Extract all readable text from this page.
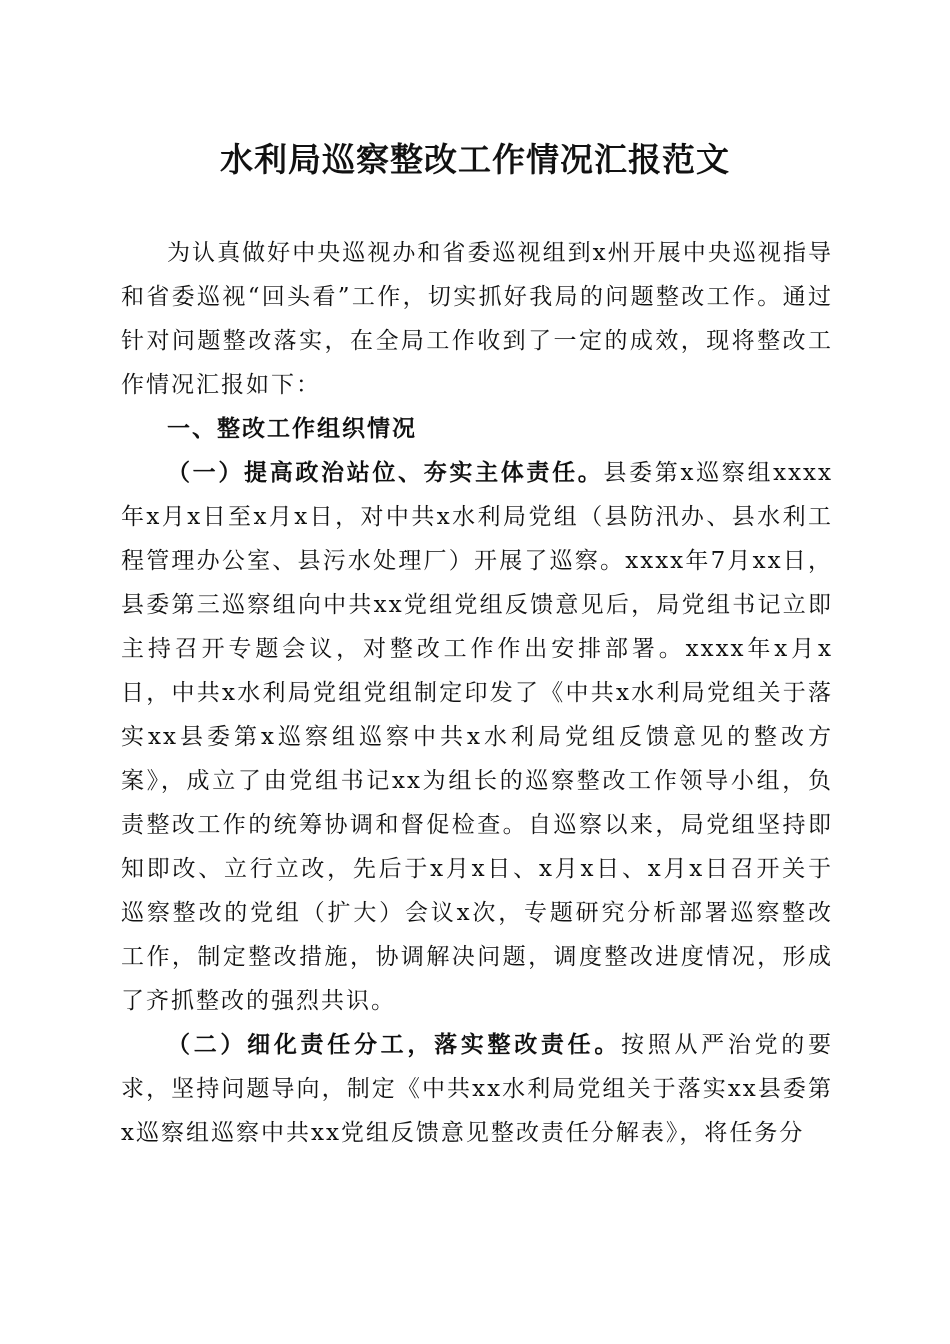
水利局巡察整改工作情况汇报范文

为认真做好中央巡视办和省委巡视组到x州开展中央巡视指导和省委巡视“回头看”工作，切实抓好我局的问题整改工作。通过针对问题整改落实，在全局工作收到了一定的成效，现将整改工作情况汇报如下：

一、整改工作组织情况

（一）提高政治站位、夯实主体责任。县委第x巡察组xxxx年x月x日至x月x日，对中共x水利局党组（县防汛办、县水利工程管理办公室、县污水处理厂）开展了巡察。xxxx年7月xx日，县委第三巡察组向中共xx党组党组反馈意见后，局党组书记立即主持召开专题会议，对整改工作作出安排部署。xxxx年x月x日，中共x水利局党组党组制定印发了《中共x水利局党组关于落实xx县委第x巡察组巡察中共x水利局党组反馈意见的整改方案》，成立了由党组书记xx为组长的巡察整改工作领导小组，负责整改工作的统筹协调和督促检查。自巡察以来，局党组坚持即知即改、立行立改，先后于x月x日、x月x日、x月x日召开关于巡察整改的党组（扩大）会议x次，专题研究分析部署巡察整改工作，制定整改措施，协调解决问题，调度整改进度情况，形成了齐抓整改的强烈共识。

（二）细化责任分工，落实整改责任。按照从严治党的要求，坚持问题导向，制定《中共xx水利局党组关于落实xx县委第x巡察组巡察中共xx党组反馈意见整改责任分解表》，将任务分
